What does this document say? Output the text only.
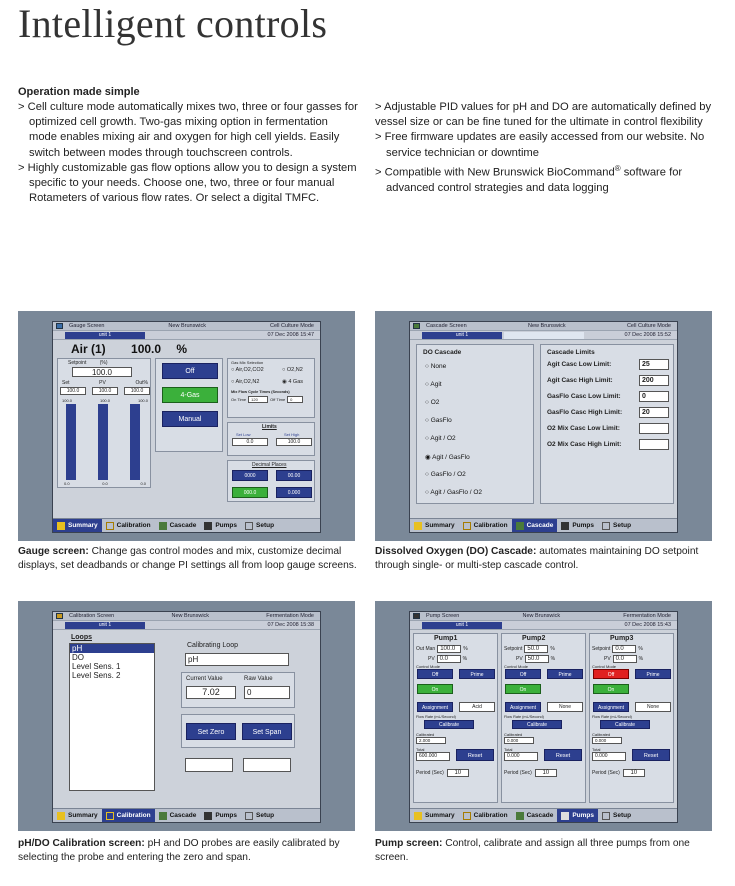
Intelligent controls
Operation made simple

> Cell culture mode automatically mixes two, three or four gasses for optimized cell growth. Two-gas mixing option in fermentation mode enables mixing air and oxygen for high cell yields. Easily switch between modes through touchscreen controls.

> Highly customizable gas flow options allow you to design a system specific to your needs. Choose one, two, three or four manual Rotameters of various flow rates. Or select a digital TMFC.

> Adjustable PID values for pH and DO are automatically defined by vessel size or can be fine tuned for the ultimate in control flexibility

> Free firmware updates are easily accessed from our website. No service technician or downtime

> Compatible with New Brunswick BioCommand® software for advanced control strategies and data logging

Gauge Screen	New Brunswick	Cell Culture Mode
unit 1	07 Dec 2008 15:47
Air (1) 100.0 %
Setpoint	(%)
100.0
Set	PV	Out%
100.0	100.0	100.0
100.0	100.0	100.0
0.0	0.0	0.0
Off
4-Gas
Manual
Gas Mix Selection
○ Air,O2,CO2	○ O2,N2
○ Air,O2,N2	◉ 4 Gas
Mix Flow Cycle Times (Seconds)
On Time	120	Off Time	0
Limits
Set Low	Set High
0.0	100.0
Decimal Places
0000	00.00
000.0	0.000
Summary	Calibration	Cascade	Pumps	Setup
Gauge screen: Change gas control modes and mix, customize decimal displays, set deadbands or change PI settings all from loop gauge screens.
Cascade Screen	New Brunswick	Cell Culture Mode
unit 1	07 Dec 2008 15:52
DO Cascade
○ None
○ Agit
○ O2
○ GasFlo
○ Agit / O2
◉ Agit / GasFlo
○ GasFlo / O2
○ Agit / GasFlo / O2
Cascade Limits
Agit Casc Low Limit:	25
Agit Casc High Limit:	200
GasFlo Casc Low Limit:	0
GasFlo Casc High Limit:	20
O2 Mix Casc Low Limit:
O2 Mix Casc High Limit:
Summary	Calibration	Cascade	Pumps	Setup
Dissolved Oxygen (DO) Cascade: automates maintaining DO setpoint through single- or multi-step cascade control.
Calibration Screen	New Brunswick	Fermentation Mode
unit 1	07 Dec 2008 15:38
Loops
pH
DO
Level Sens. 1
Level Sens. 2
Calibrating Loop
pH
Current Value	Raw Value
7.02	0
Set Zero	Set Span
Summary	Calibration	Cascade	Pumps	Setup
pH/DO Calibration screen: pH and DO probes are easily calibrated by selecting the probe and entering the zero and span.
Pump Screen	New Brunswick	Fermentation Mode
unit 1	07 Dec 2008 15:43
Pump1
Out Man 100.0	%
PV 0.0	%
Control Mode
Off	Prime
On
Assignment	Acid
Flow Rate (mL/Second)
Calibrate
Calibrated
2.000
Total
600.000	Reset
Period (Sec)	10
Pump2
Setpoint 50.0	%
PV 50.0	%
Control Mode
Off	Prime
On
Assignment	None
Flow Rate (mL/Second)
Calibrate
Calibrated
0.000
Total
0.000	Reset
Period (Sec)	10
Pump3
Setpoint 0.0	%
PV 0.0	%
Control Mode
Off	Prime
On
Assignment	None
Flow Rate (mL/Second)
Calibrate
Calibrated
0.000
Total
0.000	Reset
Period (Sec)	10
Summary	Calibration	Cascade	Pumps	Setup
Pump screen: Control, calibrate and assign all three pumps from one screen.
